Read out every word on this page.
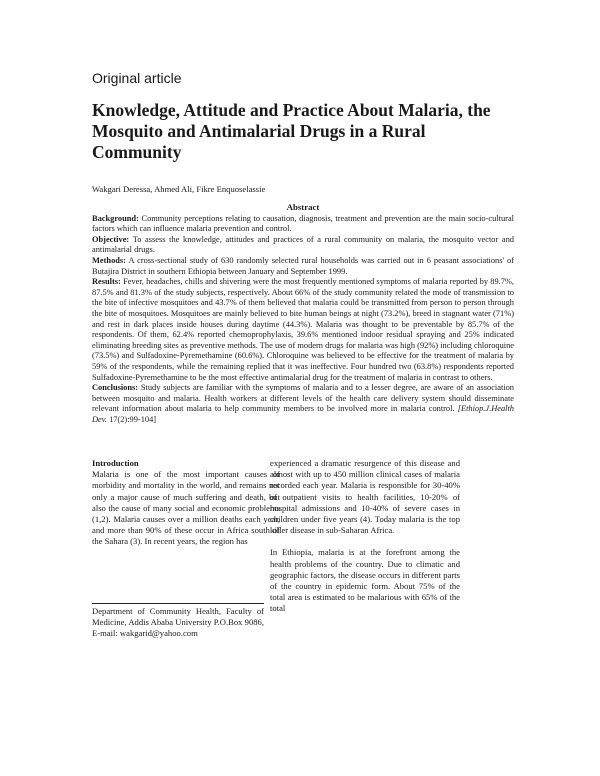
Original article
Knowledge, Attitude and Practice About Malaria, the Mosquito and Antimalarial Drugs in a Rural Community
Wakgari Deressa, Ahmed Ali, Fikre Enquoselassie
Abstract

Background: Community perceptions relating to causation, diagnosis, treatment and prevention are the main socio-cultural factors which can influence malaria prevention and control.

Objective: To assess the knowledge, attitudes and practices of a rural community on malaria, the mosquito vector and antimalarial drugs.

Methods: A cross-sectional study of 630 randomly selected rural households was carried out in 6 peasant associations' of Butajira District in southern Ethiopia between January and September 1999.

Results: Fever, headaches, chills and shivering were the most frequently mentioned symptoms of malaria reported by 89.7%, 87.5% and 81.3% of the study subjects, respectively. About 66% of the study community related the mode of transmission to the bite of infective mosquitoes and 43.7% of them believed that malaria could be transmitted from person to person through the bite of mosquitoes. Mosquitoes are mainly believed to bite human beings at night (73.2%), breed in stagnant water (71%) and rest in dark places inside houses during daytime (44.3%). Malaria was thought to be preventable by 85.7% of the respondents. Of them, 62.4% reported chemoprophylaxis, 39.6% mentioned indoor residual spraying and 25% indicated eliminating breeding sites as preventive methods. The use of modern drugs for malaria was high (92%) including chloroquine (73.5%) and Sulfadoxine-Pyremethamine (60.6%). Chloroquine was believed to be effective for the treatment of malaria by 59% of the respondents, while the remaining replied that it was ineffective. Four hundred two (63.8%) respondents reported Sulfadoxine-Pyremethamine to be the most effective antimalarial drug for the treatment of malaria in contrast to others.

Conclusions: Study subjects are familiar with the symptoms of malaria and to a lesser degree, are aware of an association between mosquito and malaria. Health workers at different levels of the health care delivery system should disseminate relevant information about malaria to help community members to be involved more in malaria control. [Ethiop.J.Health Dev. 17(2):99-104]

Introduction

Malaria is one of the most important causes of morbidity and mortality in the world, and remains not only a major cause of much suffering and death, but also the cause of many social and economic problems (1,2). Malaria causes over a million deaths each year, and more than 90% of these occur in Africa south of the Sahara (3). In recent years, the region has

Department of Community Health, Faculty of Medicine, Addis Ababa University P.O.Box 9086, E-mail: wakgarid@yahoo.com

experienced a dramatic resurgence of this disease and almost with up to 450 million clinical cases of malaria recorded each year. Malaria is responsible for 30-40% of outpatient visits to health facilities, 10-20% of hospital admissions and 10-40% of severe cases in children under five years (4). Today malaria is the top killer disease in sub-Saharan Africa.

In Ethiopia, malaria is at the forefront among the health problems of the country. Due to climatic and geographic factors, the disease occurs in different parts of the country in epidemic form. About 75% of the total area is estimated to be malarious with 65% of the total
